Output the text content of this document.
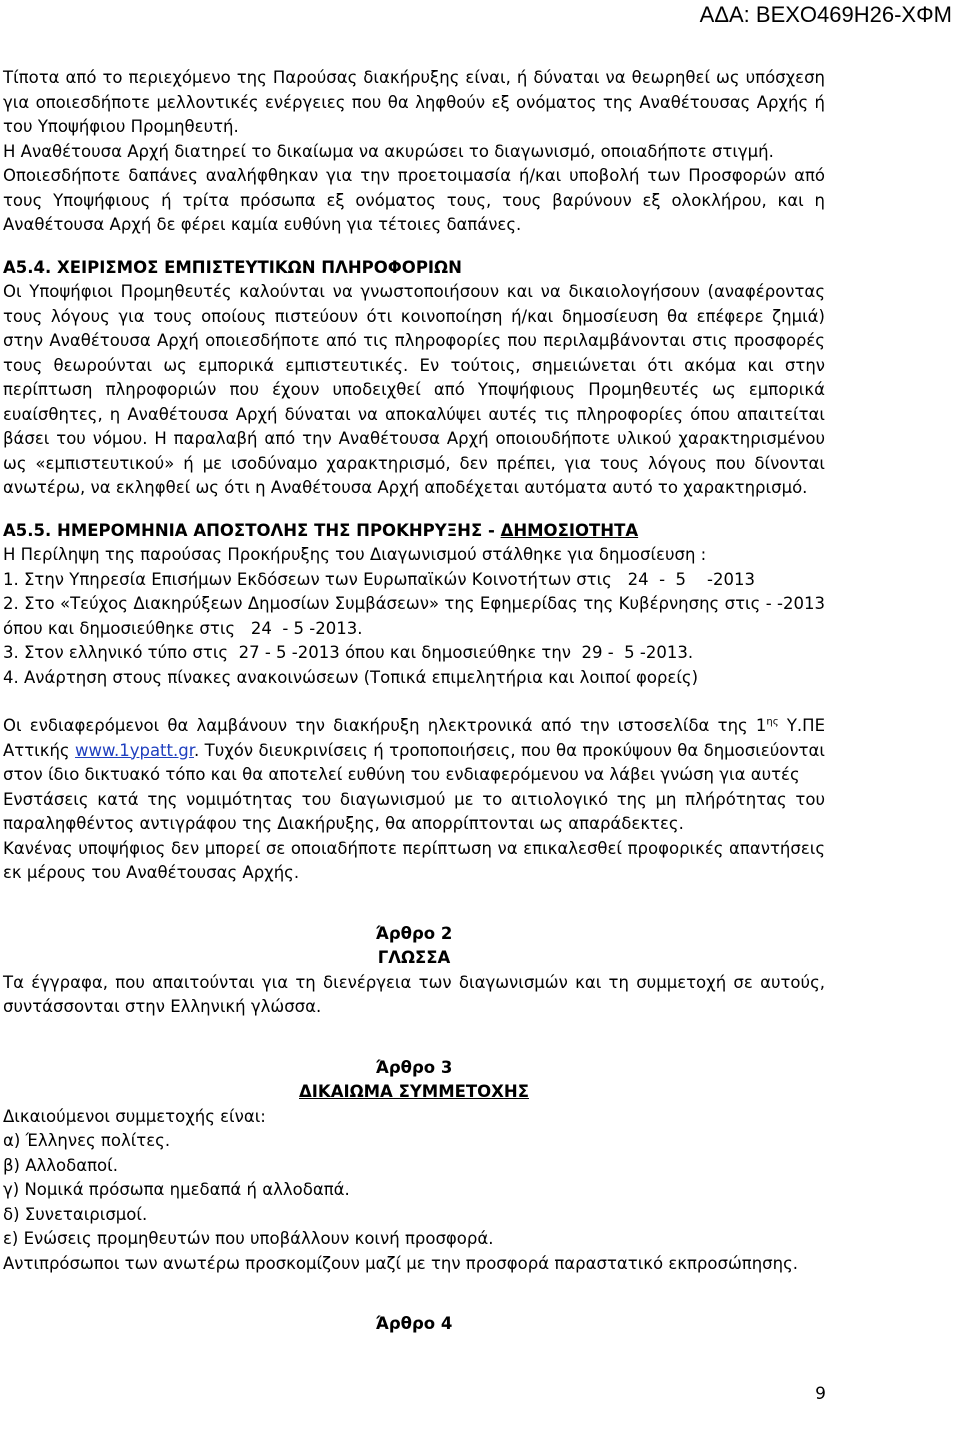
ΑΔΑ: ΒΕΧΟ469Η26-ΧΦΜ

Τίποτα από το περιεχόμενο της Παρούσας διακήρυξης είναι, ή δύναται να θεωρηθεί ως υπόσχεση για οποιεσδήποτε μελλοντικές ενέργειες που θα ληφθούν εξ ονόματος της Αναθέτουσας Αρχής ή του Υποψήφιου Προμηθευτή.

Η Αναθέτουσα Αρχή διατηρεί το δικαίωμα να ακυρώσει το διαγωνισμό, οποιαδήποτε στιγμή.

Οποιεσδήποτε δαπάνες αναλήφθηκαν για την προετοιμασία ή/και υποβολή των Προσφορών από τους Υποψήφιους ή τρίτα πρόσωπα εξ ονόματος τους, τους βαρύνουν εξ ολοκλήρου, και η Αναθέτουσα Αρχή δε φέρει καμία ευθύνη για τέτοιες δαπάνες.

Α5.4. ΧΕΙΡΙΣΜΟΣ ΕΜΠΙΣΤΕΥΤΙΚΩΝ ΠΛΗΡΟΦΟΡΙΩΝ

Οι Υποψήφιοι Προμηθευτές καλούνται να γνωστοποιήσουν και να δικαιολογήσουν (αναφέροντας τους λόγους για τους οποίους πιστεύουν ότι κοινοποίηση ή/και δημοσίευση θα επέφερε ζημιά) στην Αναθέτουσα Αρχή οποιεσδήποτε από τις πληροφορίες που περιλαμβάνονται στις προσφορές τους θεωρούνται ως εμπορικά εμπιστευτικές. Εν τούτοις, σημειώνεται ότι ακόμα και στην περίπτωση πληροφοριών που έχουν υποδειχθεί από Υποψήφιους Προμηθευτές ως εμπορικά ευαίσθητες, η Αναθέτουσα Αρχή δύναται να αποκαλύψει αυτές τις πληροφορίες όπου απαιτείται βάσει του νόμου. Η παραλαβή από την Αναθέτουσα Αρχή οποιουδήποτε υλικού χαρακτηρισμένου ως «εμπιστευτικού» ή με ισοδύναμο χαρακτηρισμό, δεν πρέπει, για τους λόγους που δίνονται ανωτέρω, να εκληφθεί ως ότι η Αναθέτουσα Αρχή αποδέχεται αυτόματα αυτό το χαρακτηρισμό.

Α5.5. ΗΜΕΡΟΜΗΝΙΑ ΑΠΟΣΤΟΛΗΣ ΤΗΣ ΠΡΟΚΗΡΥΞΗΣ - ΔΗΜΟΣΙΟΤΗΤΑ

Η Περίληψη της παρούσας Προκήρυξης του Διαγωνισμού στάλθηκε για δημοσίευση :

1. Στην Υπηρεσία Επισήμων Εκδόσεων των Ευρωπαϊκών Κοινοτήτων στις   24  -  5    -2013

2. Στο «Τεύχος Διακηρύξεων Δημοσίων Συμβάσεων» της Εφημερίδας της Κυβέρνησης στις - -2013 όπου και δημοσιεύθηκε στις   24  - 5 -2013.

3. Στον ελληνικό τύπο στις  27 - 5 -2013 όπου και δημοσιεύθηκε την  29 -  5 -2013.

4. Ανάρτηση στους πίνακες ανακοινώσεων (Τοπικά επιμελητήρια και λοιποί φορείς)

Οι ενδιαφερόμενοι θα λαμβάνουν την διακήρυξη ηλεκτρονικά από την ιστοσελίδα της $1^{\eta\varsigma}$ Υ.ΠΕ Αττικής www.1ypatt.gr. Τυχόν διευκρινίσεις ή τροποποιήσεις, που θα προκύψουν θα δημοσιεύονται στον ίδιο δικτυακό τόπο και θα αποτελεί ευθύνη του ενδιαφερόμενου να λάβει γνώση για αυτές

Ενστάσεις κατά της νομιμότητας του διαγωνισμού με το αιτιολογικό της μη πλήρότητας του παραληφθέντος αντιγράφου της Διακήρυξης, θα απορρίπτονται ως απαράδεκτες.

Κανένας υποψήφιος δεν μπορεί σε οποιαδήποτε περίπτωση να επικαλεσθεί προφορικές απαντήσεις εκ μέρους του Αναθέτουσας Αρχής.

Άρθρο 2

ΓΛΩΣΣΑ

Τα έγγραφα, που απαιτούνται για τη διενέργεια των διαγωνισμών και τη συμμετοχή σε αυτούς, συντάσσονται στην Ελληνική γλώσσα.

Άρθρο 3

ΔΙΚΑΙΩΜΑ ΣΥΜΜΕΤΟΧΗΣ

Δικαιούμενοι συμμετοχής είναι:

α) Έλληνες πολίτες.

β) Αλλοδαποί.

γ) Νομικά πρόσωπα ημεδαπά ή αλλοδαπά.

δ) Συνεταιρισμοί.

ε) Ενώσεις προμηθευτών που υποβάλλουν κοινή προσφορά.

Αντιπρόσωποι των ανωτέρω προσκομίζουν μαζί με την προσφορά παραστατικό εκπροσώπησης.

Άρθρο 4

9
